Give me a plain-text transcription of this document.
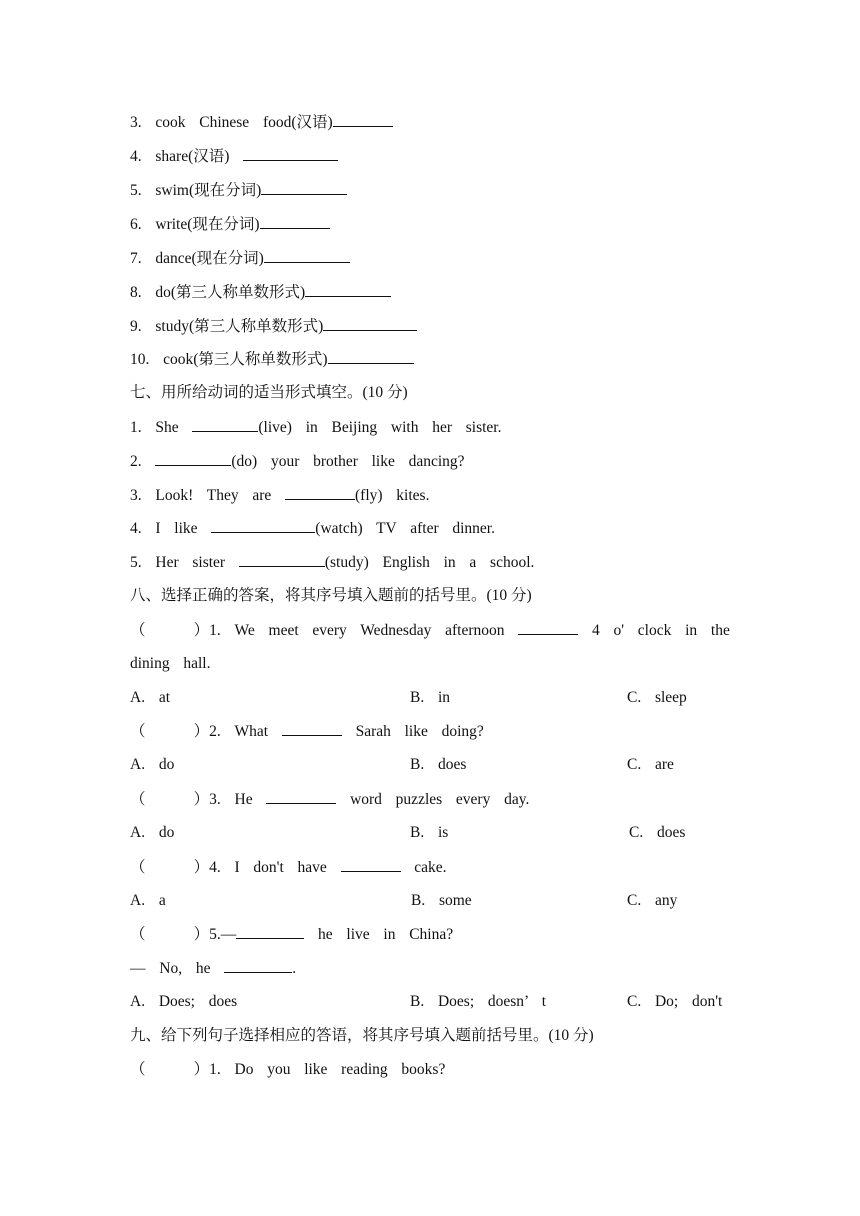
3.  cook  Chinese  food(汉语)
4.  share(汉语)
5.  swim(现在分词)
6.  write(现在分词)
7.  dance(现在分词)
8.  do(第三人称单数形式)
9.  study(第三人称单数形式)
10.  cook(第三人称单数形式)
七、用所给动词的适当形式填空。(10 分)
1.  She	(live)  in  Beijing  with  her  sister.
2.	(do)  your  brother  like  dancing?
3.  Look!  They  are	(fly)  kites.
4.  I  like	(watch)  TV  after  dinner.
5.  Her  sister	(study)  English  in  a  school.
八、选择正确的答案，将其序号填入题前的括号里。(10 分)
（       ）1.  We  meet  every  Wednesday  afternoon	4  o'  clock  in  the
dining  hall.
A.  at	B.  in	C.  sleep
（       ）2.  What	Sarah  like  doing?
A.  do	B.  does	C.  are
（       ）3.  He	word  puzzles  every  day.
A.  do	B.  is	C.  does
（       ）4.  I  don't  have	cake.
A.  a	B.  some	C.  any
（       ）5.—	he  live  in  China?
—  No,  he	.
A.  Does;  does	B.  Does;  doesn’  t	C.  Do;  don't
九、给下列句子选择相应的答语，将其序号填入题前括号里。(10 分)
（       ）1.  Do  you  like  reading  books?
